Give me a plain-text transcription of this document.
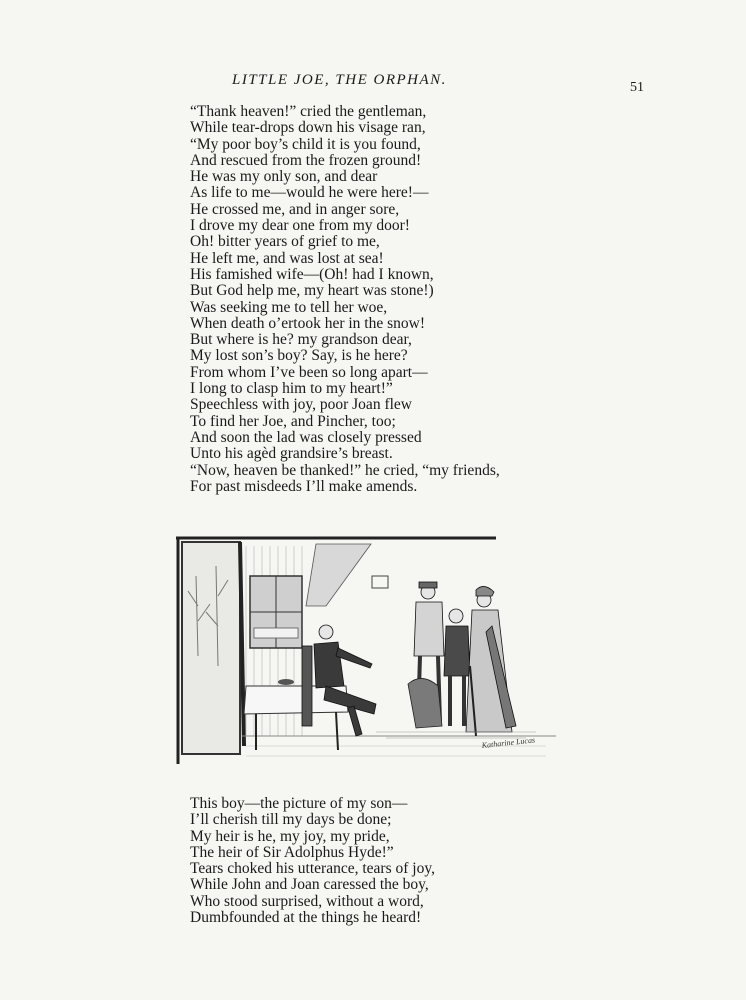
LITTLE JOE, THE ORPHAN.	51
“Thank heaven!” cried the gentleman,
While tear-drops down his visage ran,
“My poor boy’s child it is you found,
And rescued from the frozen ground!
He was my only son, and dear
As life to me—would he were here!—
He crossed me, and in anger sore,
I drove my dear one from my door!
Oh! bitter years of grief to me,
He left me, and was lost at sea!
His famished wife—(Oh! had I known,
But God help me, my heart was stone!)
Was seeking me to tell her woe,
When death o’ertook her in the snow!
But where is he? my grandson dear,
My lost son’s boy? Say, is he here?
From whom I’ve been so long apart—
I long to clasp him to my heart!”
Speechless with joy, poor Joan flew
To find her Joe, and Pincher, too;
And soon the lad was closely pressed
Unto his agèd grandsire’s breast.
“Now, heaven be thanked!” he cried, “my friends,
For past misdeeds I’ll make amends.
Katharine Lucas
This boy—the picture of my son—
I’ll cherish till my days be done;
My heir is he, my joy, my pride,
The heir of Sir Adolphus Hyde!”
Tears choked his utterance, tears of joy,
While John and Joan caressed the boy,
Who stood surprised, without a word,
Dumbfounded at the things he heard!
